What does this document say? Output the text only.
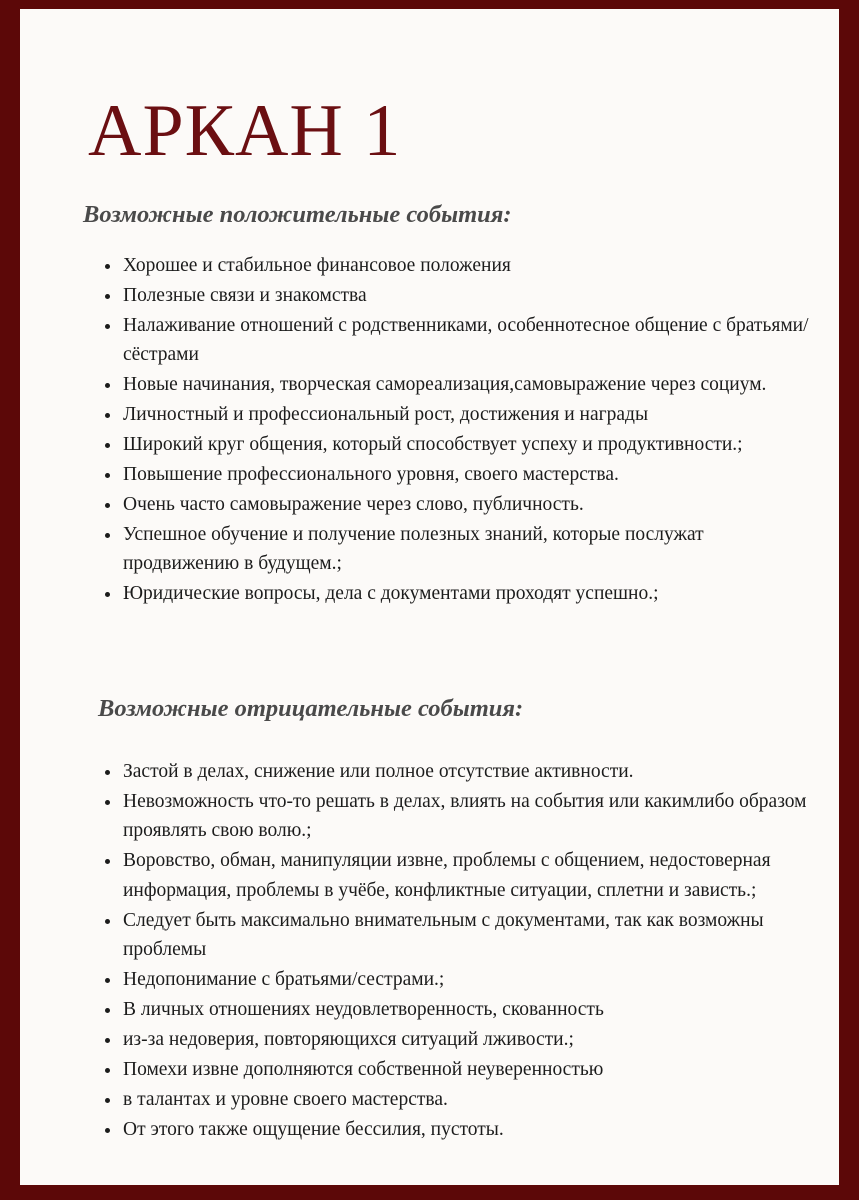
АРКАН 1
Возможные положительные события:
Хорошее и стабильное финансовое положения
Полезные связи и знакомства
Налаживание отношений с родственниками, особеннотесное общение с братьями/сёстрами
Новые начинания, творческая самореализация,самовыражение через социум.
Личностный и профессиональный рост, достижения и награды
Широкий круг общения, который способствует успеху и продуктивности.;
Повышение профессионального уровня, своего мастерства.
Очень часто самовыражение через слово, публичность.
Успешное обучение и получение полезных знаний, которые послужат продвижению в будущем.;
Юридические вопросы, дела с документами проходят успешно.;
Возможные отрицательные события:
Застой в делах, снижение или полное отсутствие активности.
Невозможность что-то решать в делах, влиять на события или какимлибо образом проявлять свою волю.;
Воровство, обман, манипуляции извне, проблемы с общением, недостоверная информация, проблемы в учёбе, конфликтные ситуации, сплетни и зависть.;
Следует быть максимально внимательным с документами, так как возможны проблемы
Недопонимание с братьями/сестрами.;
В личных отношениях неудовлетворенность, скованность
из-за недоверия, повторяющихся ситуаций лживости.;
Помехи извне дополняются собственной неуверенностью
в талантах и уровне своего мастерства.
От этого также ощущение бессилия, пустоты.
